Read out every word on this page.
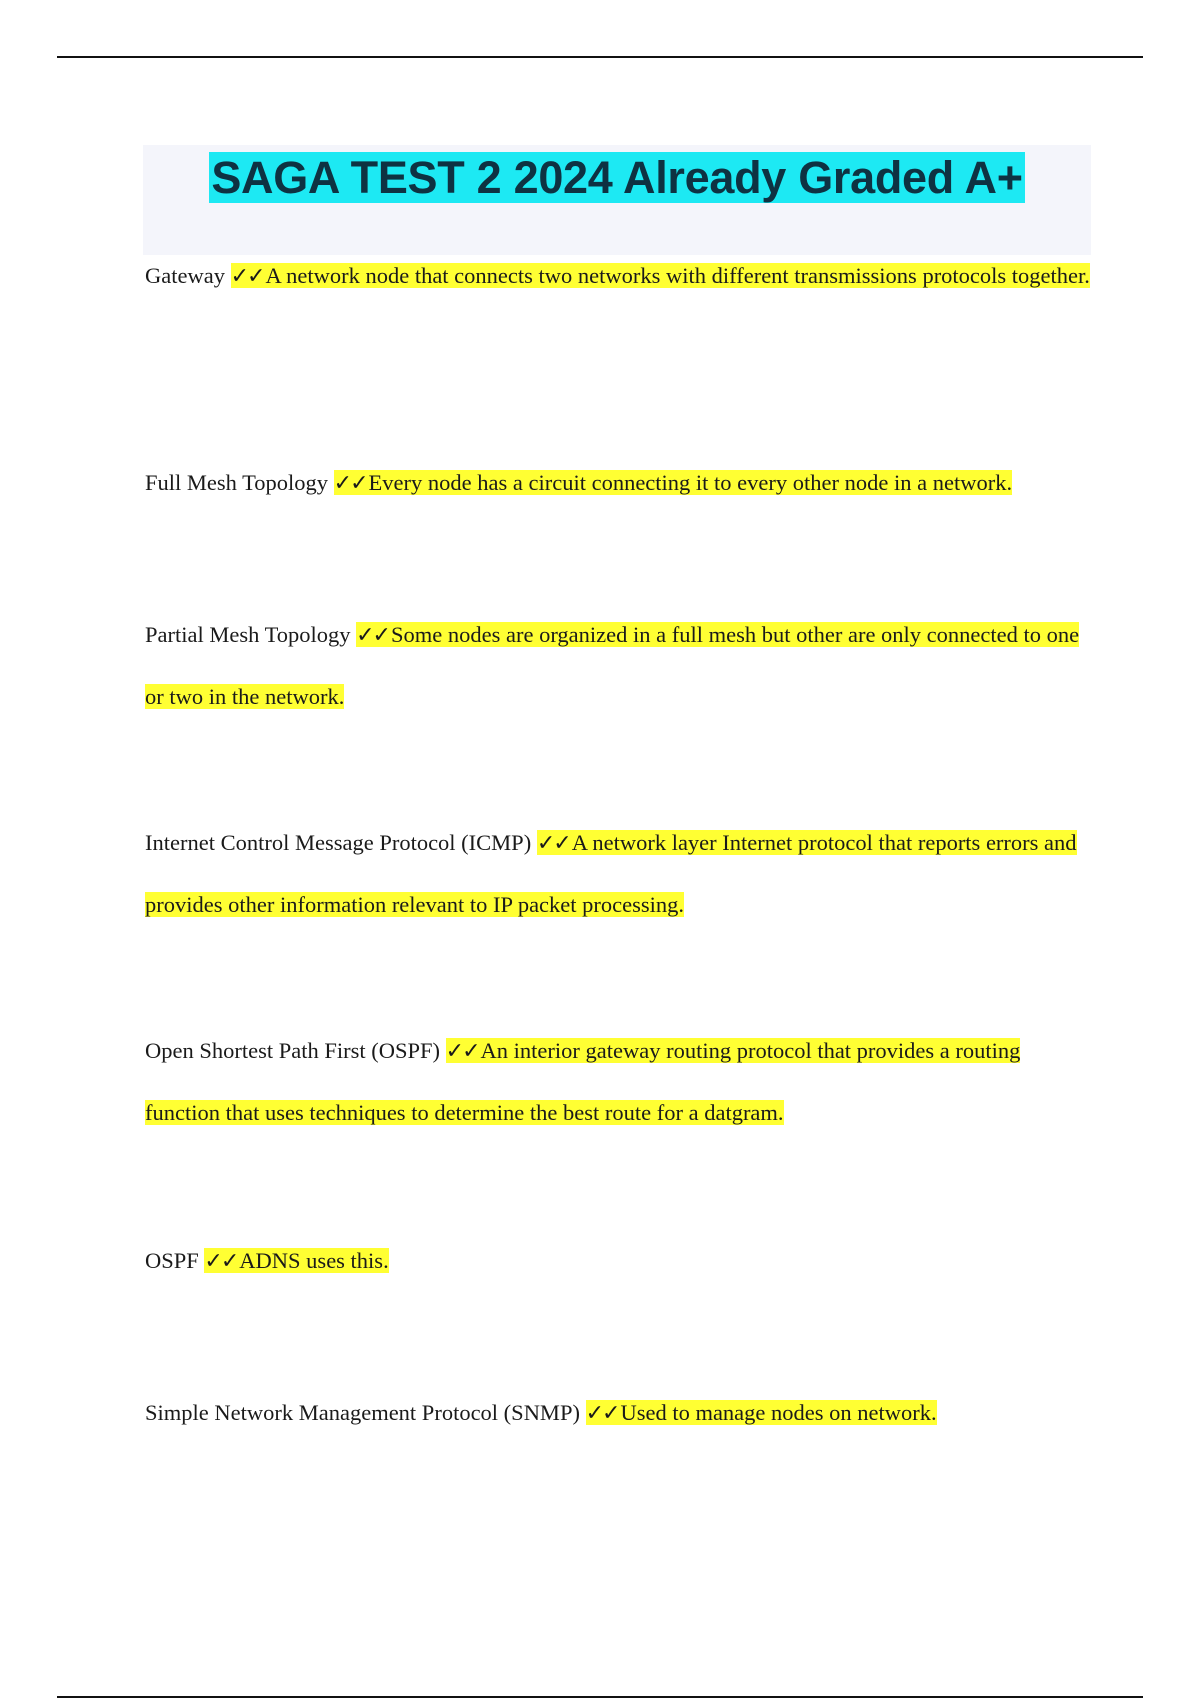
SAGA TEST 2 2024 Already Graded A+

Gateway ✓✓A network node that connects two networks with different transmissions protocols together.

Full Mesh Topology ✓✓Every node has a circuit connecting it to every other node in a network.

Partial Mesh Topology ✓✓Some nodes are organized in a full mesh but other are only connected to one or two in the network.

Internet Control Message Protocol (ICMP) ✓✓A network layer Internet protocol that reports errors and provides other information relevant to IP packet processing.

Open Shortest Path First (OSPF) ✓✓An interior gateway routing protocol that provides a routing function that uses techniques to determine the best route for a datgram.

OSPF ✓✓ADNS uses this.

Simple Network Management Protocol (SNMP) ✓✓Used to manage nodes on network.
